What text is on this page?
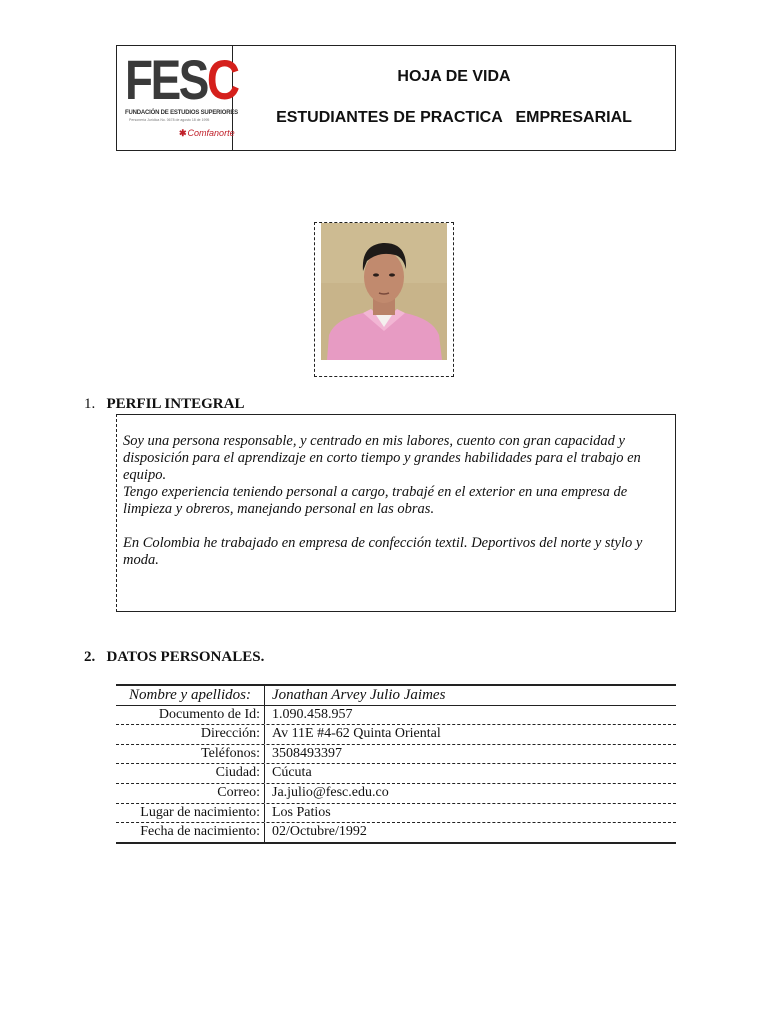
FESC
FUNDACIÓN DE ESTUDIOS SUPERIORES
Personería Jurídica No. 0678 de agosto 18 de 1995
✱Comfanorte
HOJA DE VIDA
ESTUDIANTES DE PRACTICA   EMPRESARIAL
1. PERFIL INTEGRAL

Soy una persona responsable, y centrado en mis labores, cuento con gran capacidad y disposición para el aprendizaje en corto tiempo y grandes habilidades para el trabajo en equipo.

Tengo experiencia teniendo personal a cargo, trabajé en el exterior en una empresa de limpieza y obreros, manejando personal en las obras.

En Colombia he trabajado en empresa de confección textil. Deportivos del norte y stylo y moda.

2. DATOS PERSONALES.
Nombre y apellidos:	Jonathan Arvey Julio Jaimes
Documento de Id: 1.090.458.957
Dirección: Av 11E #4-62 Quinta Oriental
Teléfonos: 3508493397
Ciudad: Cúcuta
Correo: Ja.julio@fesc.edu.co
Lugar de nacimiento: Los Patios
Fecha de nacimiento: 02/Octubre/1992
